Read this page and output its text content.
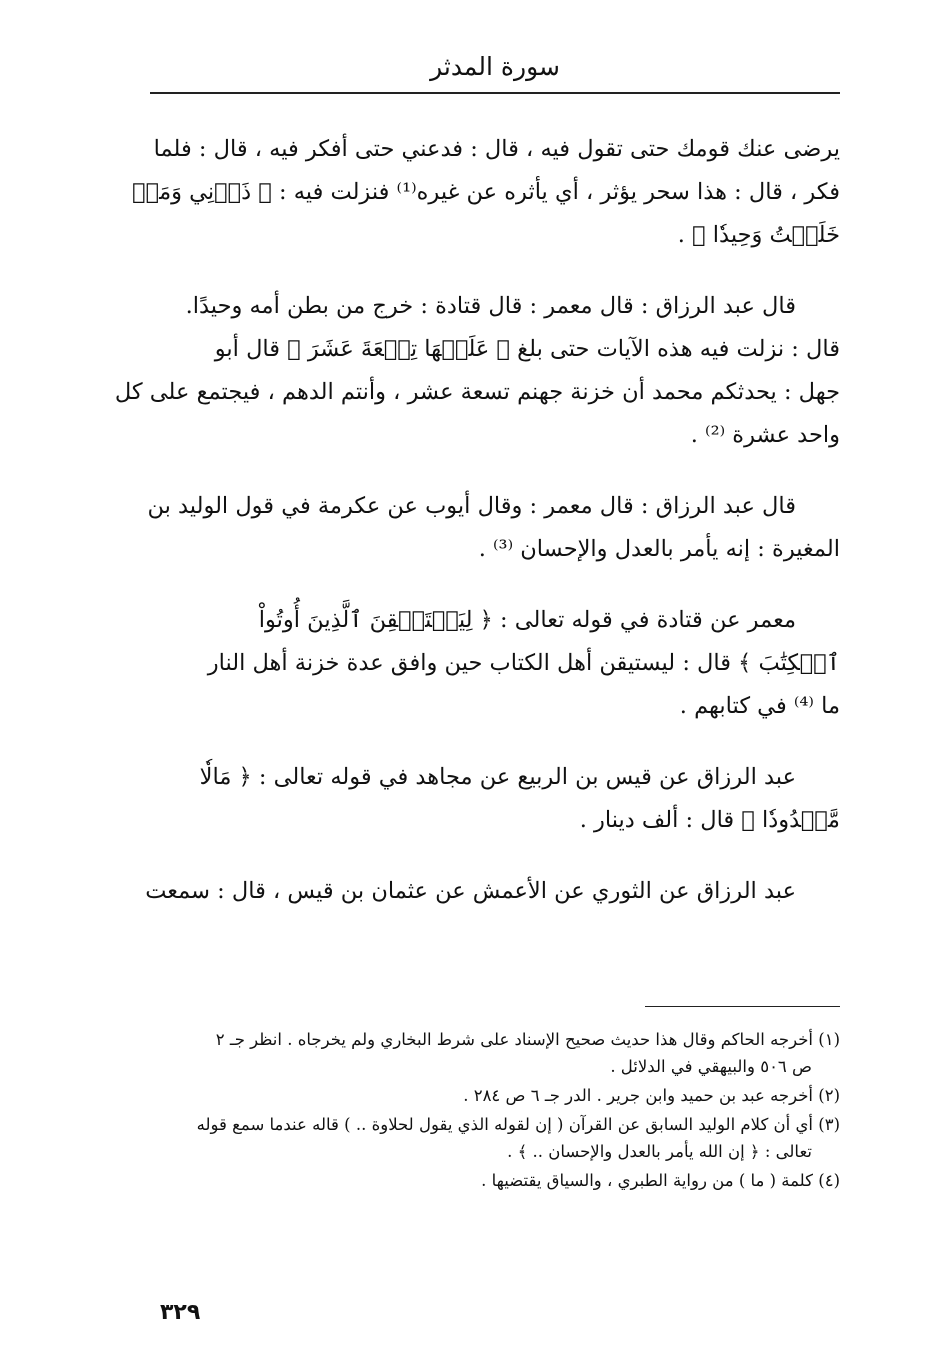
سورة المدثر
يرضى عنك قومك حتى تقول فيه ، قال : فدعني حتى أفكر فيه ، قال : فلما
فكر ، قال : هذا سحر يؤثر ، أي يأثره عن غيره⁽¹⁾ فنزلت فيه : ﴿ ذَرۡنِي وَمَنۡ
خَلَقۡتُ وَحِيدٗا ﴾ .
قال عبد الرزاق : قال معمر : قال قتادة : خرج من بطن أمه وحيدًا.
قال : نزلت فيه هذه الآيات حتى بلغ ﴿ عَلَيۡهَا تِسۡعَةَ عَشَرَ ﴾ قال أبو
جهل : يحدثكم محمد أن خزنة جهنم تسعة عشر ، وأنتم الدهم ، فيجتمع على كل
واحد عشرة ⁽²⁾ .
قال عبد الرزاق : قال معمر : وقال أيوب عن عكرمة في قول الوليد بن
المغيرة : إنه يأمر بالعدل والإحسان ⁽³⁾ .
معمر عن قتادة في قوله تعالى : ﴿ لِيَسۡتَيۡقِنَ ٱلَّذِينَ أُوتُواْ
ٱلۡكِتَٰبَ ﴾ قال : ليستيقن أهل الكتاب حين وافق عدة خزنة أهل النار
ما ⁽⁴⁾ في كتابهم .
عبد الرزاق عن قيس بن الربيع عن مجاهد في قوله تعالى : ﴿ مَالٗا
مَّمۡدُودٗا ﴾ قال : ألف دينار .
عبد الرزاق عن الثوري عن الأعمش عن عثمان بن قيس ، قال : سمعت
(١) أخرجه الحاكم وقال هذا حديث صحيح الإسناد على شرط البخاري ولم يخرجاه . انظر جـ ٢
ص ٥٠٦ والبيهقي في الدلائل .
(٢) أخرجه عبد بن حميد وابن جرير . الدر جـ ٦ ص ٢٨٤ .
(٣) أي أن كلام الوليد السابق عن القرآن ( إن لقوله الذي يقول لحلاوة .. ) قاله عندما سمع قوله
تعالى : ﴿ إن الله يأمر بالعدل والإحسان .. ﴾ .
(٤) كلمة ( ما ) من رواية الطبري ، والسياق يقتضيها .
٣٢٩
